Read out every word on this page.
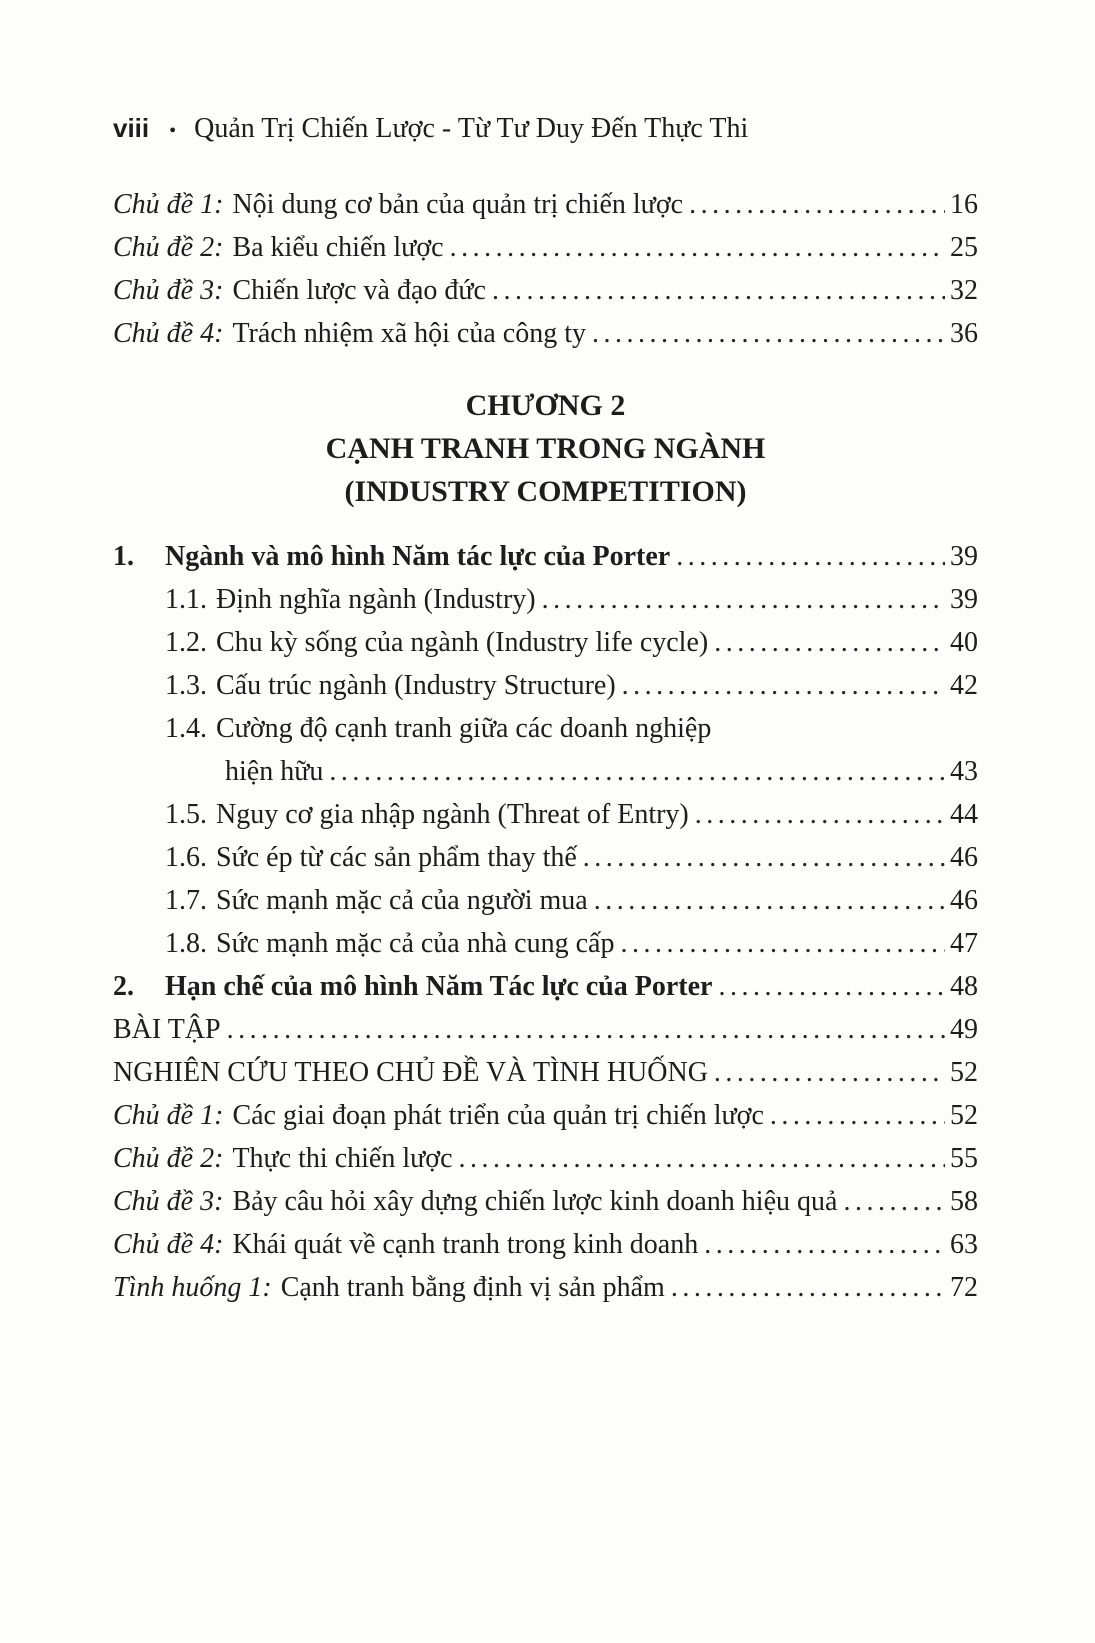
viii • Quản Trị Chiến Lược - Từ Tư Duy Đến Thực Thi
Chủ đề 1: Nội dung cơ bản của quản trị chiến lược .....	16
Chủ đề 2: Ba kiểu chiến lược .....	25
Chủ đề 3: Chiến lược và đạo đức .....	32
Chủ đề 4: Trách nhiệm xã hội của công ty .....	36
CHƯƠNG 2
CẠNH TRANH TRONG NGÀNH
(INDUSTRY COMPETITION)
1.	Ngành và mô hình Năm tác lực của Porter .....	39
1.1. Định nghĩa ngành (Industry) .....	39
1.2. Chu kỳ sống của ngành (Industry life cycle) .....	40
1.3. Cấu trúc ngành (Industry Structure) .....	42
1.4. Cường độ cạnh tranh giữa các doanh nghiệp
hiện hữu .....	43
1.5. Nguy cơ gia nhập ngành (Threat of Entry) .....	44
1.6. Sức ép từ các sản phẩm thay thế .....	46
1.7. Sức mạnh mặc cả của người mua .....	46
1.8. Sức mạnh mặc cả của nhà cung cấp .....	47
2.	Hạn chế của mô hình Năm Tác lực của Porter .....	48
BÀI TẬP .....	49
NGHIÊN CỨU THEO CHỦ ĐỀ VÀ TÌNH HUỐNG .....	52
Chủ đề 1: Các giai đoạn phát triển của quản trị chiến lược .....	52
Chủ đề 2: Thực thi chiến lược .....	55
Chủ đề 3: Bảy câu hỏi xây dựng chiến lược kinh doanh hiệu quả .....	58
Chủ đề 4: Khái quát về cạnh tranh trong kinh doanh .....	63
Tình huống 1: Cạnh tranh bằng định vị sản phẩm .....	72
